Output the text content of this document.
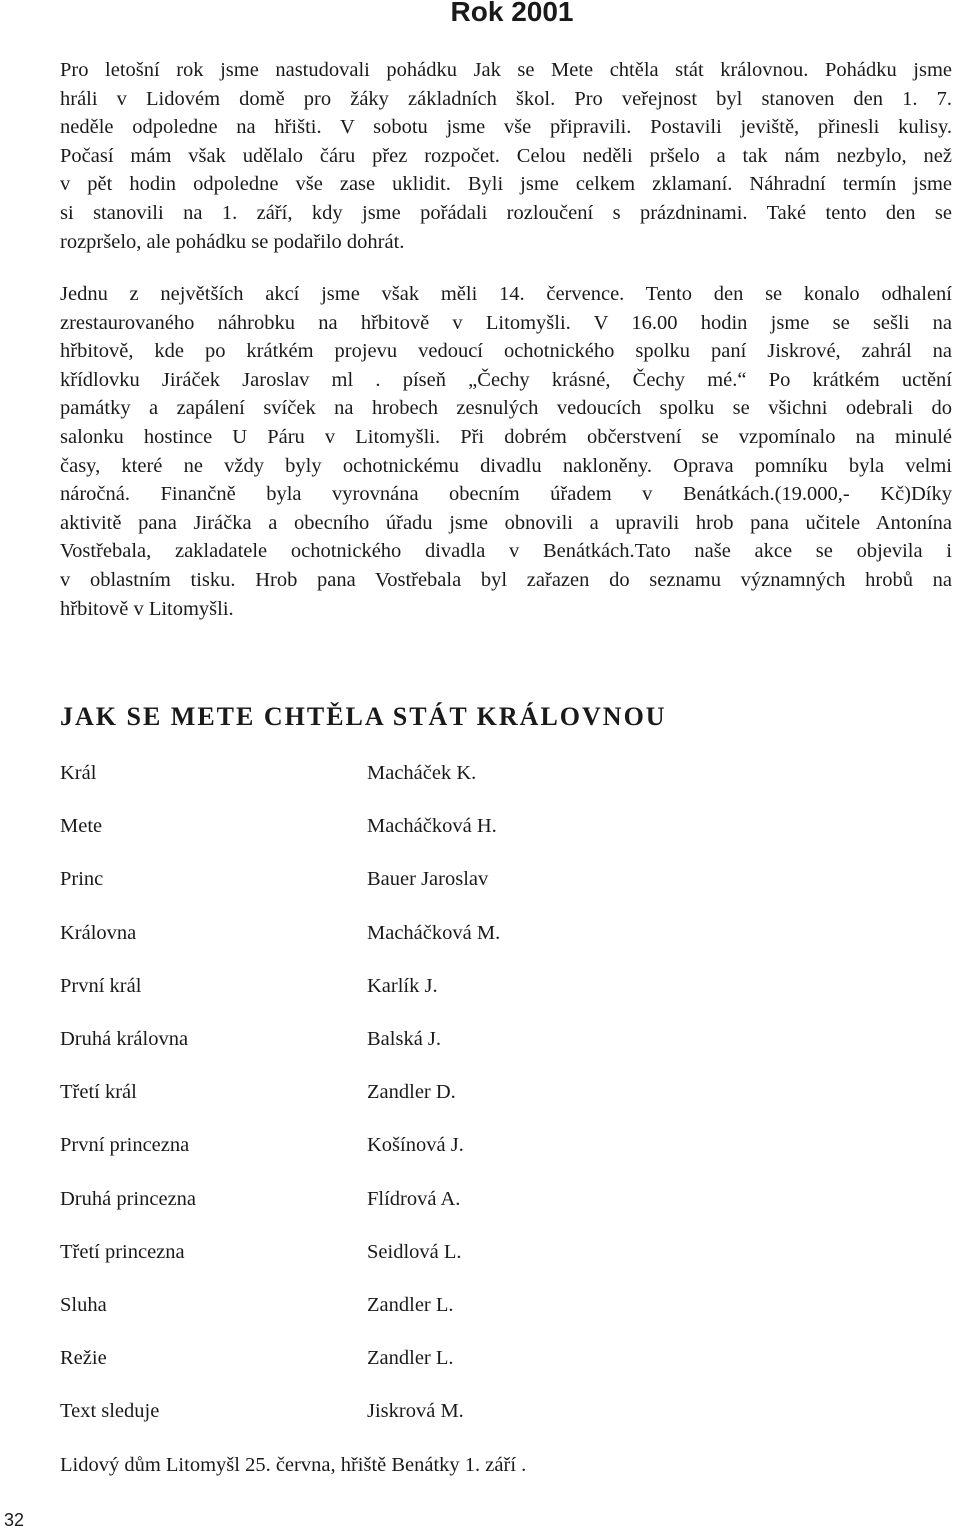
Rok 2001
Pro letošní rok jsme nastudovali pohádku Jak se Mete chtěla stát královnou. Pohádku jsme
hráli v Lidovém domě pro žáky základních škol. Pro veřejnost byl stanoven den 1. 7.
neděle odpoledne na hřišti. V sobotu jsme vše připravili. Postavili jeviště, přinesli kulisy.
Počasí mám však udělalo čáru přez rozpočet. Celou neděli pršelo a tak nám nezbylo, než
v pět hodin odpoledne vše zase uklidit. Byli jsme celkem zklamaní. Náhradní termín jsme
si stanovili na 1. září, kdy jsme pořádali rozloučení s prázdninami. Také tento den se
rozpršelo, ale pohádku se podařilo dohrát.
Jednu z největších akcí jsme však měli 14. července. Tento den se konalo odhalení
zrestaurovaného náhrobku na hřbitově v Litomyšli. V 16.00 hodin jsme se sešli na
hřbitově, kde po krátkém projevu vedoucí ochotnického spolku paní Jiskrové, zahrál na
křídlovku Jiráček Jaroslav ml . píseň „Čechy krásné, Čechy mé.“ Po krátkém uctění
památky a zapálení svíček na hrobech zesnulých vedoucích spolku se všichni odebrali do
salonku hostince U Páru v Litomyšli. Při dobrém občerstvení se vzpomínalo na minulé
časy, které ne vždy byly ochotnickému divadlu nakloněny. Oprava pomníku byla velmi
náročná. Finančně byla vyrovnána obecním úřadem v Benátkách.(19.000,- Kč)Díky
aktivitě pana Jiráčka a obecního úřadu jsme obnovili a upravili hrob pana učitele Antonína
Vostřebala, zakladatele ochotnického divadla v Benátkách.Tato naše akce se objevila i
v oblastním tisku. Hrob pana Vostřebala byl zařazen do seznamu významných hrobů na
hřbitově v Litomyšli.
JAK SE METE CHTĚLA STÁT KRÁLOVNOU
Král	Macháček K.
Mete	Macháčková H.
Princ	Bauer Jaroslav
Královna	Macháčková M.
První král	Karlík J.
Druhá královna	Balská J.
Třetí král	Zandler D.
První princezna	Košínová J.
Druhá princezna	Flídrová A.
Třetí princezna	Seidlová L.
Sluha	Zandler L.
Režie	Zandler L.
Text sleduje	Jiskrová M.

Lidový dům Litomyšl 25. června, hřiště Benátky 1. září .

32
